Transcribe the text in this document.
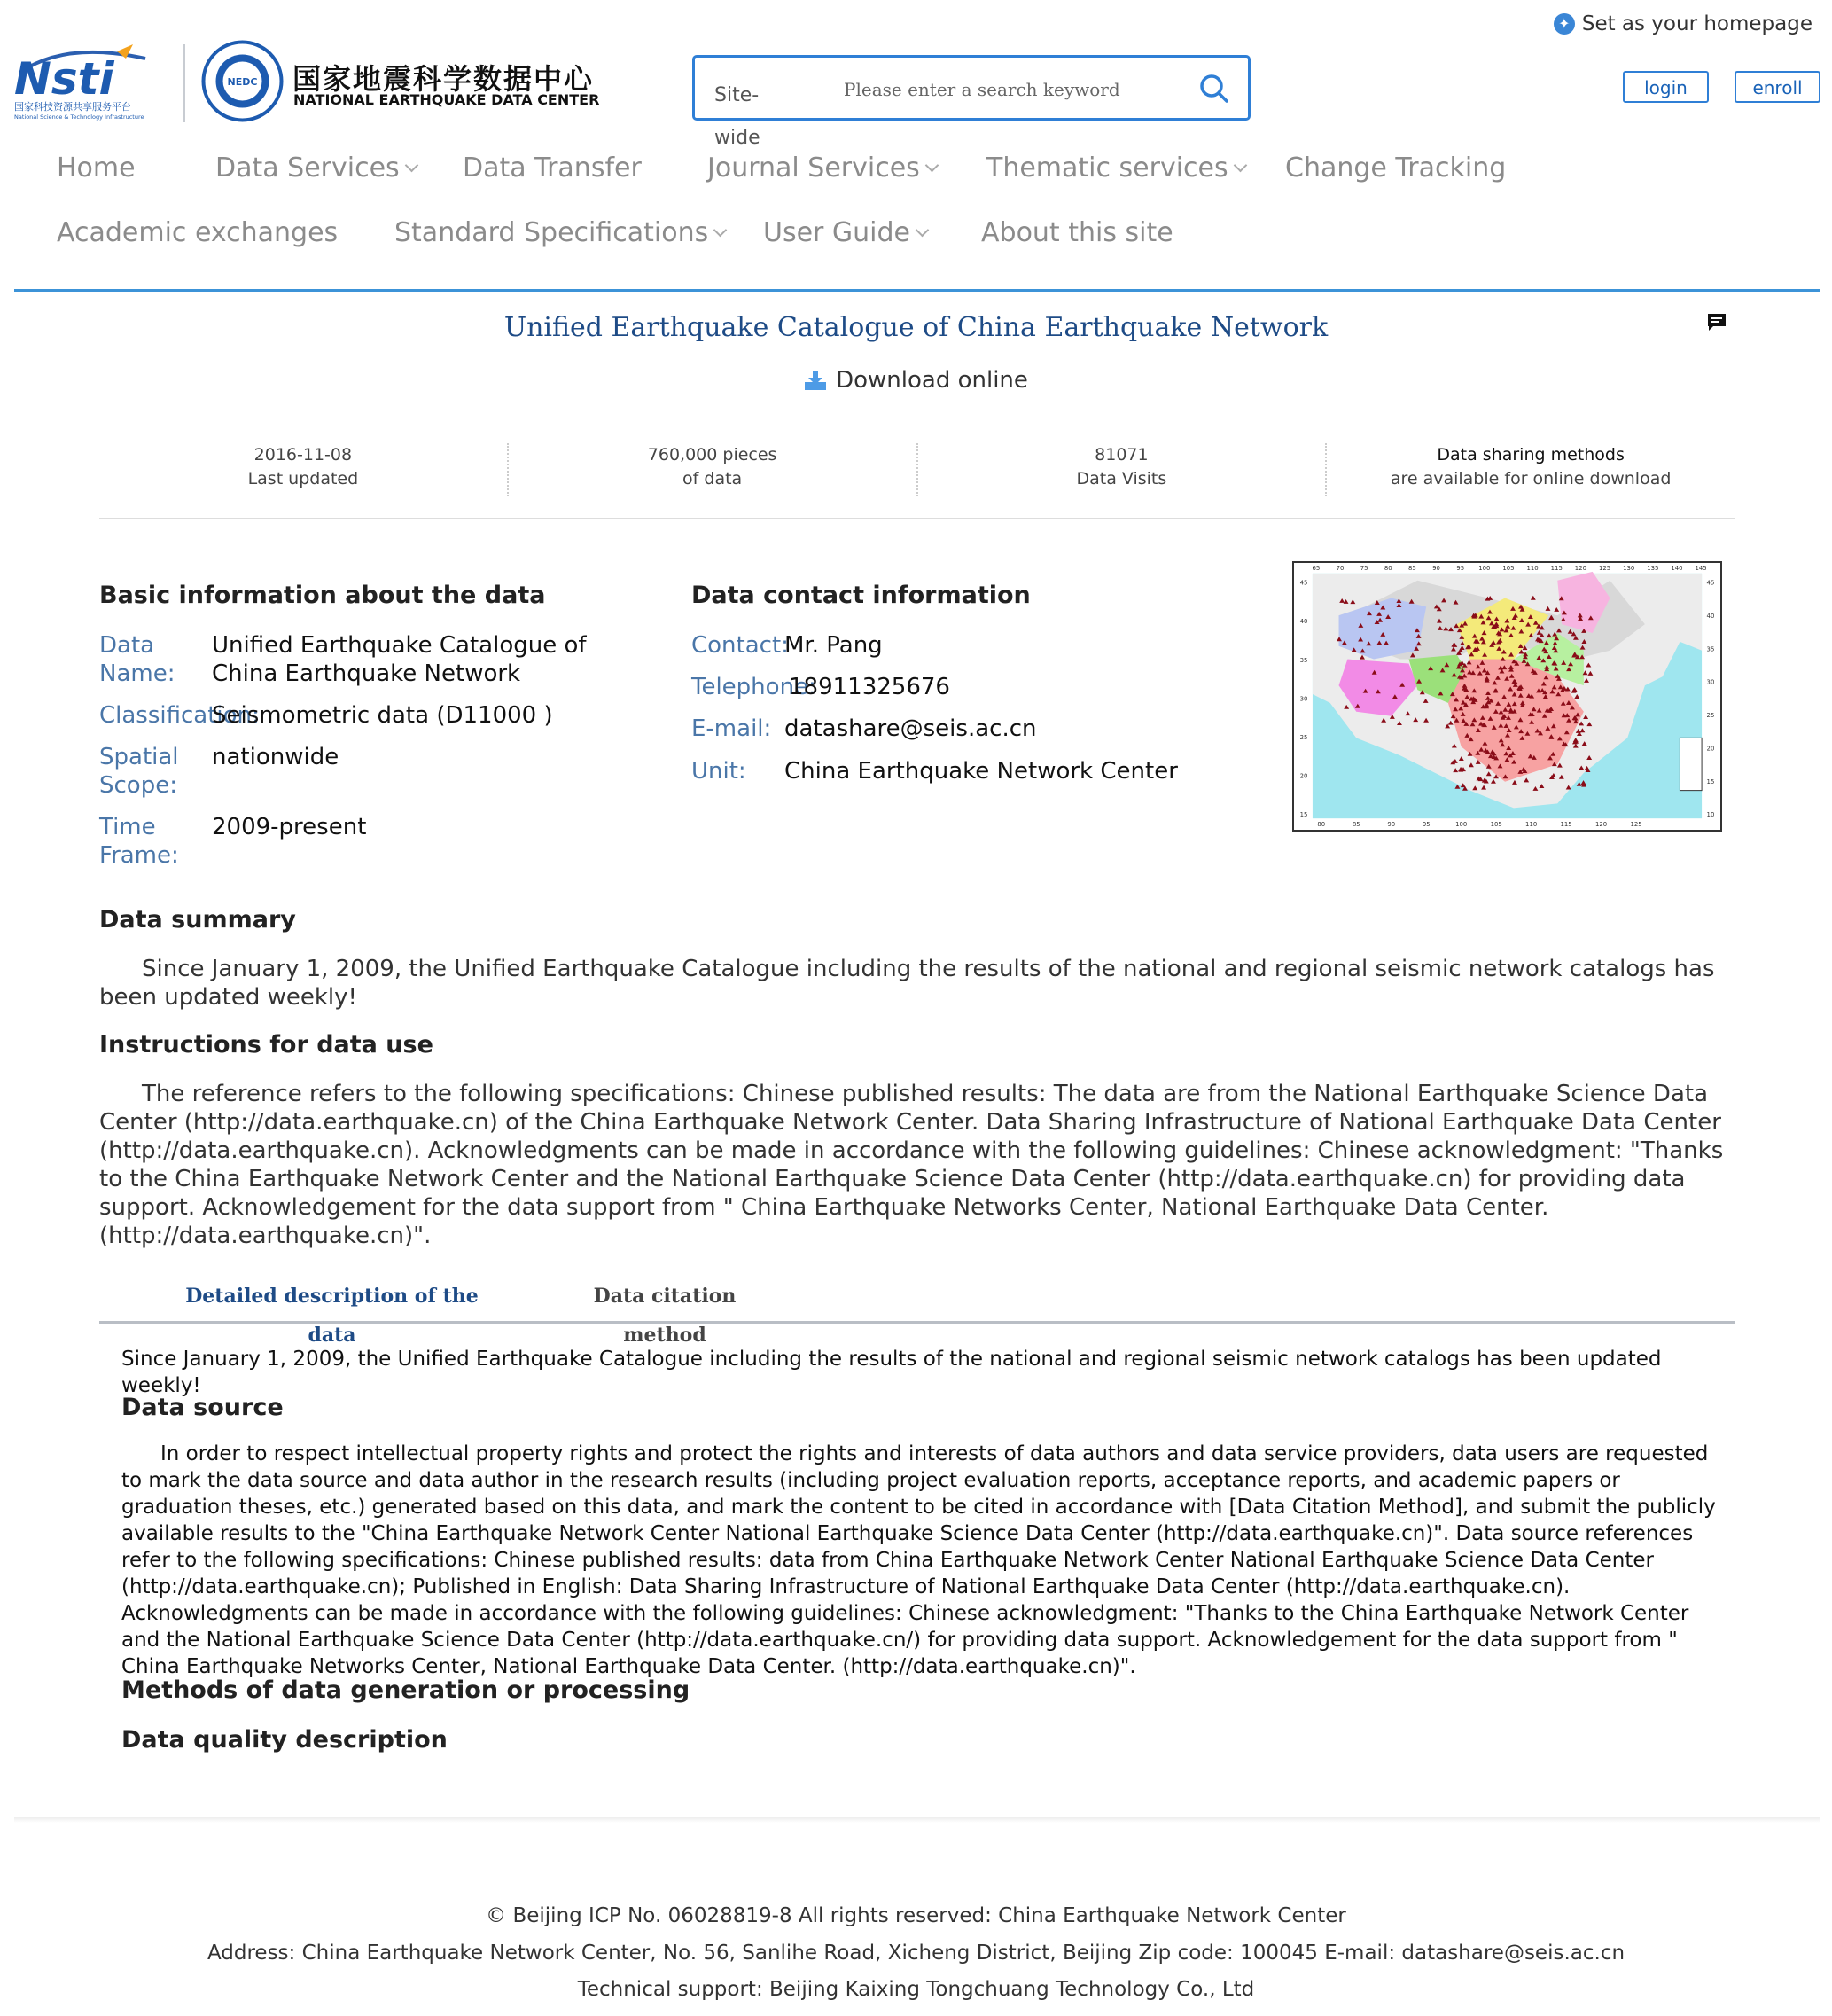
✦ Set as your homepage
Nsti
国家科技资源共享服务平台
National Science & Technology Infrastructure
NEDC 国家地震科学数据中心
NATIONAL EARTHQUAKE DATA CENTER	Site-wide
Please enter a search keyword
login	enroll
Home	Data Services Data Transfer Journal Services	Thematic services Change Tracking
Academic exchanges Standard Specifications User Guide	About this site
Unified Earthquake Catalogue of China Earthquake Network
Download online
2016-11-08
Last updated
760,000 pieces
of data
81071
Data Visits
Data sharing methods
are available for online download
Basic information about the data
Data Name:
Unified Earthquake Catalogue of China Earthquake Network
Classification:
Seismometric data (D11000 )
Spatial Scope:
nationwide
Time Frame:
2009-present
Data contact information
Contact:
Mr. Pang
Telephone:
18911325676
E-mail: datashare@seis.ac.cn
Unit: China Earthquake Network Center
65	70	75	80	85	90	95 100 105 110 115 120 125 130 135 140 145
80	85	90	95	100	105	110	115	120	125
45
40
35
30
25
20
15
45
40
35
30
25
20
15
10
Data summary
Since January 1, 2009, the Unified Earthquake Catalogue including the results of the national and regional seismic network catalogs has been updated weekly!
Instructions for data use
The reference refers to the following specifications: Chinese published results: The data are from the National Earthquake Science Data Center (http://data.earthquake.cn) of the China Earthquake Network Center. Data Sharing Infrastructure of National Earthquake Data Center (http://data.earthquake.cn). Acknowledgments can be made in accordance with the following guidelines: Chinese acknowledgment: "Thanks to the China Earthquake Network Center and the National Earthquake Science Data Center (http://data.earthquake.cn) for providing data support. Acknowledgement for the data support from " China Earthquake Networks Center, National Earthquake Data Center. (http://data.earthquake.cn)".
Detailed description of the data
Data citation method
Since January 1, 2009, the Unified Earthquake Catalogue including the results of the national and regional seismic network catalogs has been updated weekly!
Data source
In order to respect intellectual property rights and protect the rights and interests of data authors and data service providers, data users are requested to mark the data source and data author in the research results (including project evaluation reports, acceptance reports, and academic papers or graduation theses, etc.) generated based on this data, and mark the content to be cited in accordance with [Data Citation Method], and submit the publicly available results to the "China Earthquake Network Center National Earthquake Science Data Center (http://data.earthquake.cn)". Data source references refer to the following specifications: Chinese published results: data from China Earthquake Network Center National Earthquake Science Data Center (http://data.earthquake.cn); Published in English: Data Sharing Infrastructure of National Earthquake Data Center (http://data.earthquake.cn). Acknowledgments can be made in accordance with the following guidelines: Chinese acknowledgment: "Thanks to the China Earthquake Network Center and the National Earthquake Science Data Center (http://data.earthquake.cn/) for providing data support. Acknowledgement for the data support from " China Earthquake Networks Center, National Earthquake Data Center. (http://data.earthquake.cn)".
Methods of data generation or processing
Data quality description
© Beijing ICP No. 06028819-8 All rights reserved: China Earthquake Network Center
Address: China Earthquake Network Center, No. 56, Sanlihe Road, Xicheng District, Beijing Zip code: 100045 E-mail: datashare@seis.ac.cn
Technical support: Beijing Kaixing Tongchuang Technology Co., Ltd
